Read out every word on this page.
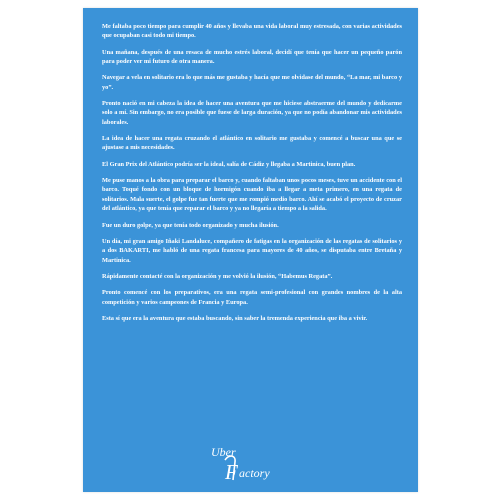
Me faltaba poco tiempo para cumplir 40 años y llevaba una vida laboral muy estresada, con varias actividades que ocupaban casi todo mi tiempo.

Una mañana, después de una resaca de mucho estrés laboral, decidí que tenía que hacer un pequeño parón para poder ver mi futuro de otra manera.

Navegar a vela en solitario era lo que más me gustaba y hacía que me olvidase del mundo, “La mar, mi barco y yo”.

Pronto nació en mi cabeza la idea de hacer una aventura que me hiciese abstraerme del mundo y dedicarme solo a mí. Sin embargo, no era posible que fuese de larga duración, ya que no podía abandonar mis actividades laborales.

La idea de hacer una regata cruzando el atlántico en solitario me gustaba y comencé a buscar una que se ajustase a mis necesidades.

El Gran Prix del Atlántico podría ser la ideal, salía de Cádiz y llegaba a Martinica, buen plan.

Me puse manos a la obra para preparar el barco y, cuando faltaban unos pocos meses, tuve un accidente con el barco. Toqué fondo con un bloque de hormigón cuando iba a llegar a meta primero, en una regata de solitarios. Mala suerte, el golpe fue tan fuerte que me rompió medio barco. Ahí se acabó el proyecto de cruzar del atlántico, ya que tenía que reparar el barco y ya no llegaría a tiempo a la salida.

Fue un duro golpe, ya que tenía todo organizado y mucha ilusión.

Un día, mi gran amigo Iñaki Landaluce, compañero de fatigas en la organización de las regatas de solitarios y a dos BAKARTI, me habló de una regata francesa para mayores de 40 años, se disputaba entre Bretaña y Martinica.

Rápidamente contacté con la organización y me volvió la ilusión, “Habemus Regata”.

Pronto comencé con los preparativos, era una regata semi-profesional con grandes nombres de la alta competición y varios campeones de Francia y Europa.

Esta sí que era la aventura que estaba buscando, sin saber la tremenda experiencia que iba a vivir.

Uber
F actory
